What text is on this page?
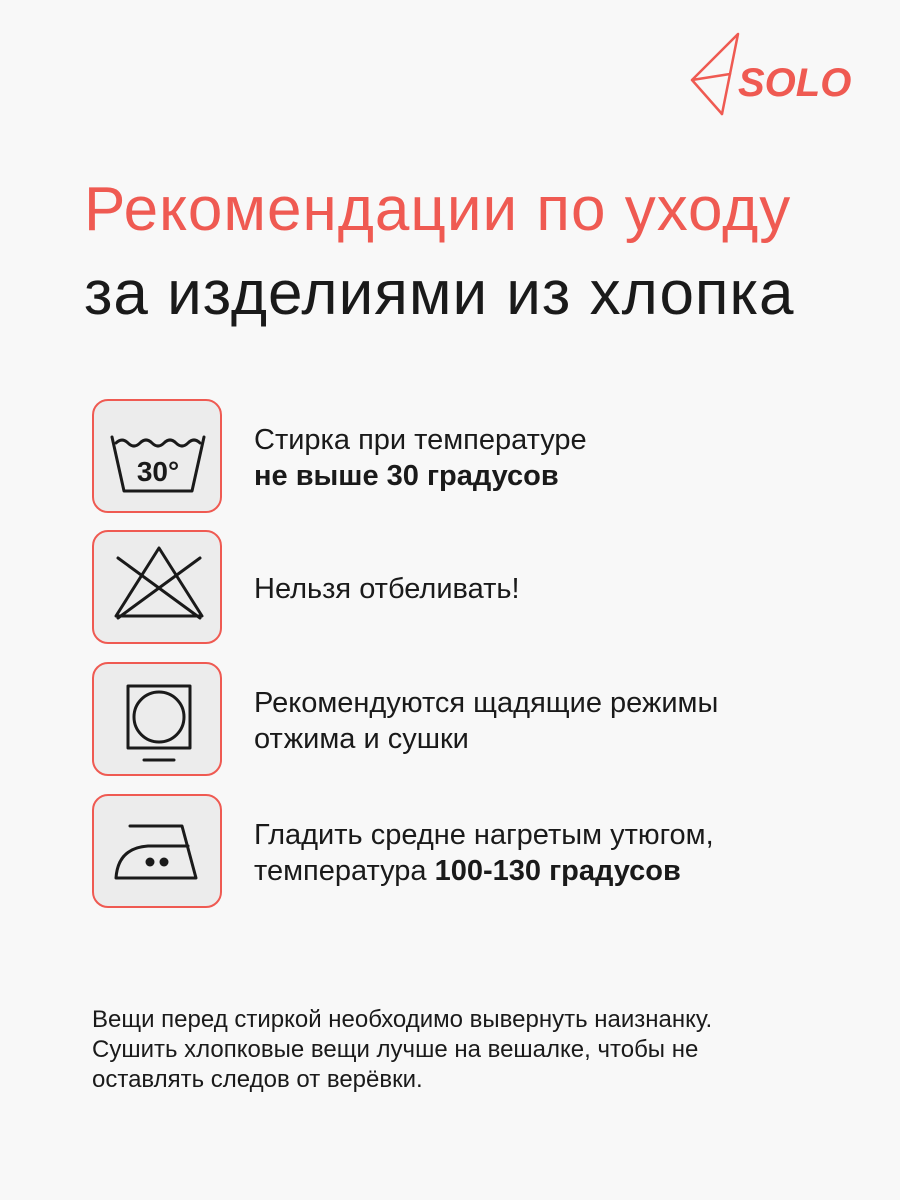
SOLO
Рекомендации по уходу
за изделиями из хлопка
30°
Стирка при температуре
не выше 30 градусов
Нельзя отбеливать!
Рекомендуются щадящие режимы
отжима и сушки
Гладить средне нагретым утюгом,
температура 100-130 градусов

Вещи перед стиркой необходимо вывернуть наизнанку.
Сушить хлопковые вещи лучше на вешалке, чтобы не
оставлять следов от верёвки.
